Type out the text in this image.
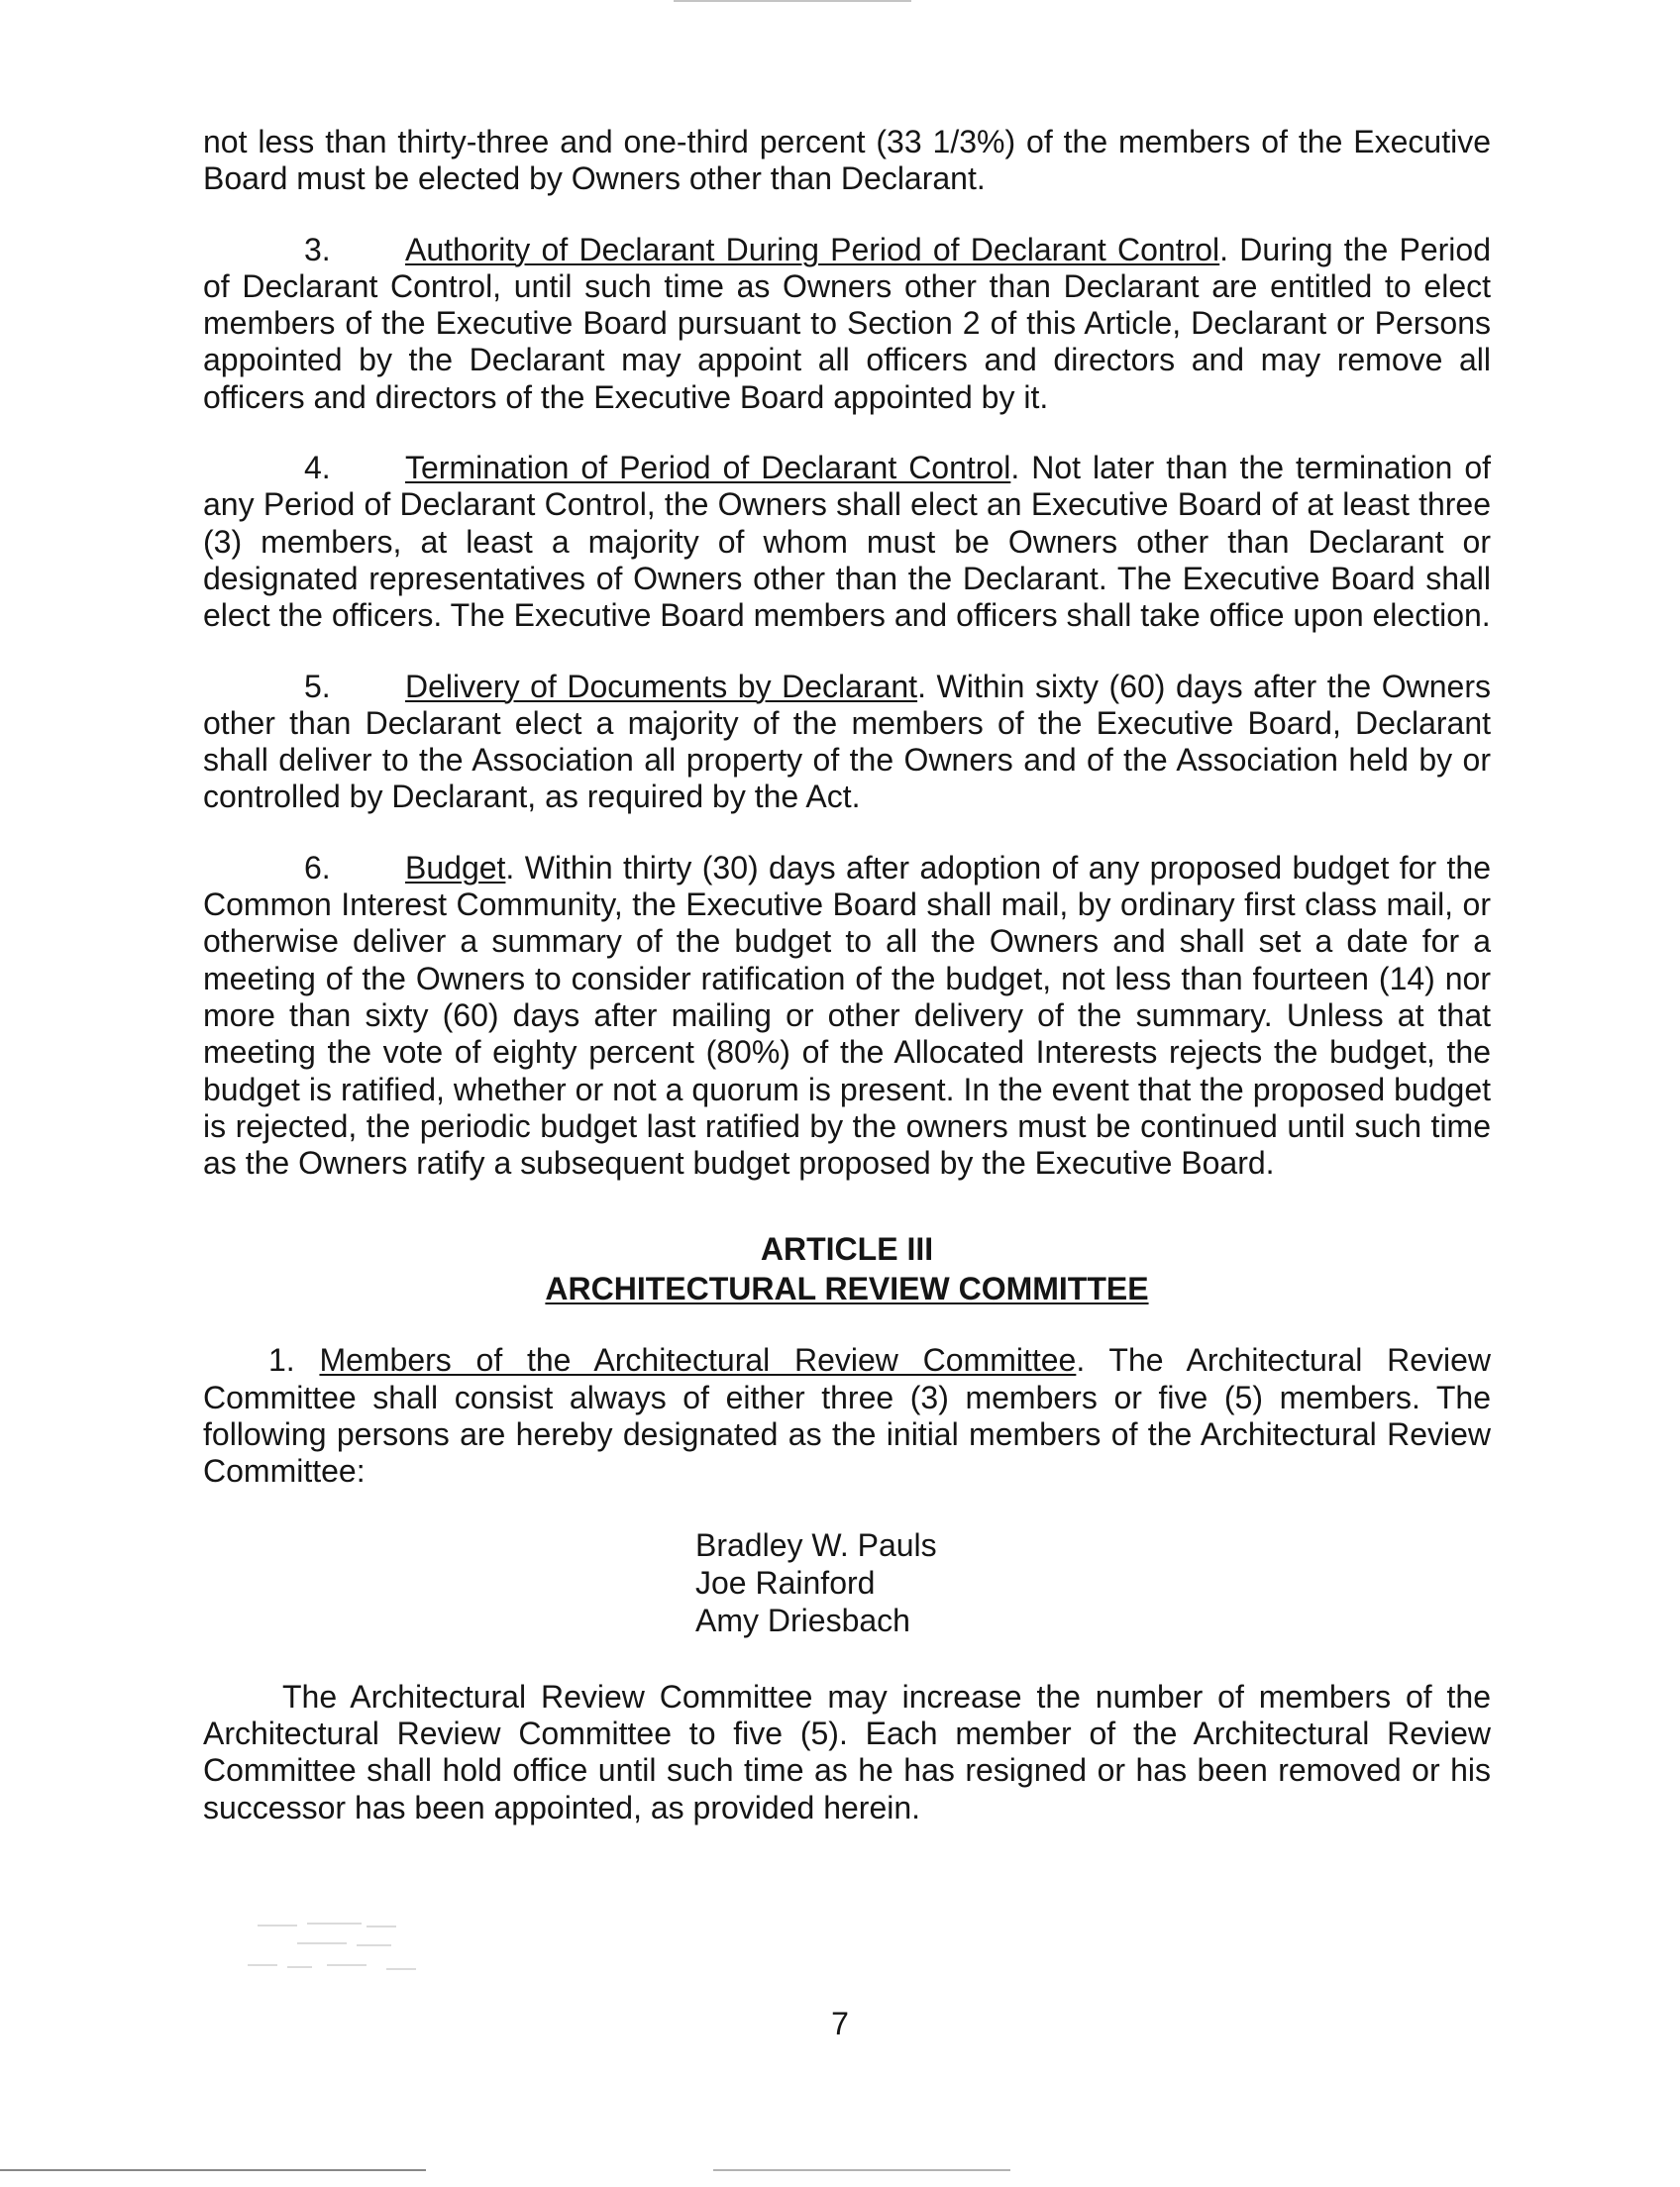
not less than thirty-three and one-third percent (33 1/3%) of the members of the Executive Board must be elected by Owners other than Declarant.

3. Authority of Declarant During Period of Declarant Control. During the Period of Declarant Control, until such time as Owners other than Declarant are entitled to elect members of the Executive Board pursuant to Section 2 of this Article, Declarant or Persons appointed by the Declarant may appoint all officers and directors and may remove all officers and directors of the Executive Board appointed by it.

4. Termination of Period of Declarant Control. Not later than the termination of any Period of Declarant Control, the Owners shall elect an Executive Board of at least three (3) members, at least a majority of whom must be Owners other than Declarant or designated representatives of Owners other than the Declarant. The Executive Board shall elect the officers. The Executive Board members and officers shall take office upon election.

5. Delivery of Documents by Declarant. Within sixty (60) days after the Owners other than Declarant elect a majority of the members of the Executive Board, Declarant shall deliver to the Association all property of the Owners and of the Association held by or controlled by Declarant, as required by the Act.

6. Budget. Within thirty (30) days after adoption of any proposed budget for the Common Interest Community, the Executive Board shall mail, by ordinary first class mail, or otherwise deliver a summary of the budget to all the Owners and shall set a date for a meeting of the Owners to consider ratification of the budget, not less than fourteen (14) nor more than sixty (60) days after mailing or other delivery of the summary. Unless at that meeting the vote of eighty percent (80%) of the Allocated Interests rejects the budget, the budget is ratified, whether or not a quorum is present. In the event that the proposed budget is rejected, the periodic budget last ratified by the owners must be continued until such time as the Owners ratify a subsequent budget proposed by the Executive Board.

ARTICLE III
ARCHITECTURAL REVIEW COMMITTEE

1. Members of the Architectural Review Committee. The Architectural Review Committee shall consist always of either three (3) members or five (5) members. The following persons are hereby designated as the initial members of the Architectural Review Committee:

Bradley W. Pauls
Joe Rainford
Amy Driesbach

The Architectural Review Committee may increase the number of members of the Architectural Review Committee to five (5). Each member of the Architectural Review Committee shall hold office until such time as he has resigned or has been removed or his successor has been appointed, as provided herein.

7
